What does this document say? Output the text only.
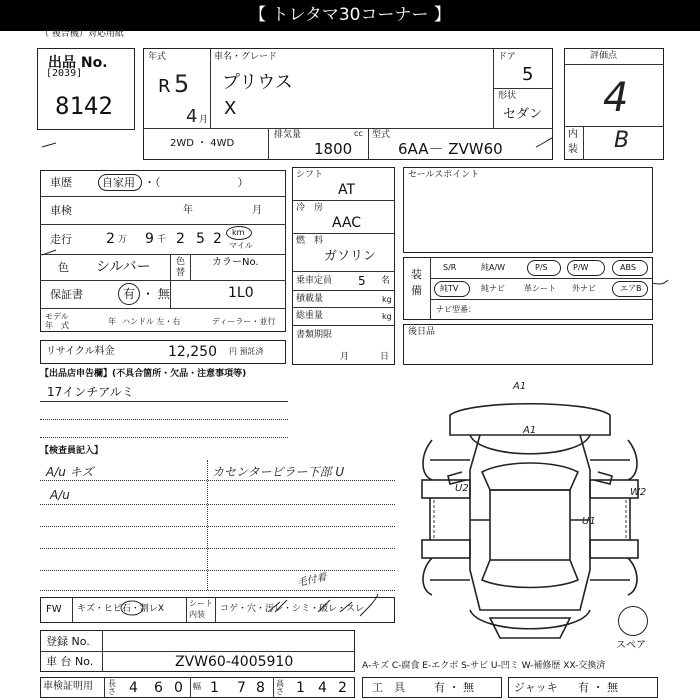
【 トレタマ30コーナー 】
（ 複合機）対応用紙
出品 No.
[2039]
8142
年式
R 5
4 月
車名・グレード
プリウス
X
ドア
5
形状
セダン
2WD ・ 4WD
排気量	cc
1800
型式
6AA－ ZVW60
評価点
4
内
装 B
車歴	自家用 ・（　　　　　　　）
車検	年	月
走行 2 万 9 千 2 5 2 km
マイル
色 シルバー	色
替
カラーNo.
保証書	有 ・ 無	1L0
モデル
年　式	年 ハンドル 左・右	ディーラー・並行
リサイクル料金	12,250 円 預託済
シフト
AT
冷　房
AAC
燃　料
ガソリン
乗車定員 5 名
積載量	kg
総重量	kg
書類期限
月	日
セールスポイント
装
備
S/R	純A/W	P/S	P/W	ABS
純TV	純ナビ 革シート 外ナビ	エアB
ナビ型番：
後日品
【出品店申告欄】(不具合箇所・欠品・注意事項等)
17インチアルミ
【検査員記入】
A/u キズ	カセンターピラー下部 U
A/u
FW キズ・ヒビ石・割レX
シート
内装
コゲ・穴・汚レ・シミ・破レ・スレ
毛付着
A1
A1
W2
U2
U1
スペア
登録 No.
車 台 No.	ZVW60-4005910
車検証明用 長さ 4 6 0 幅 1 7 8 高さ 1 4 2
A-キズ C-腐食 E-エクボ S-サビ U-凹ミ W-補修歴 XX-交換済
工　具	有 ・ 無	ジャッキ 有 ・ 無
